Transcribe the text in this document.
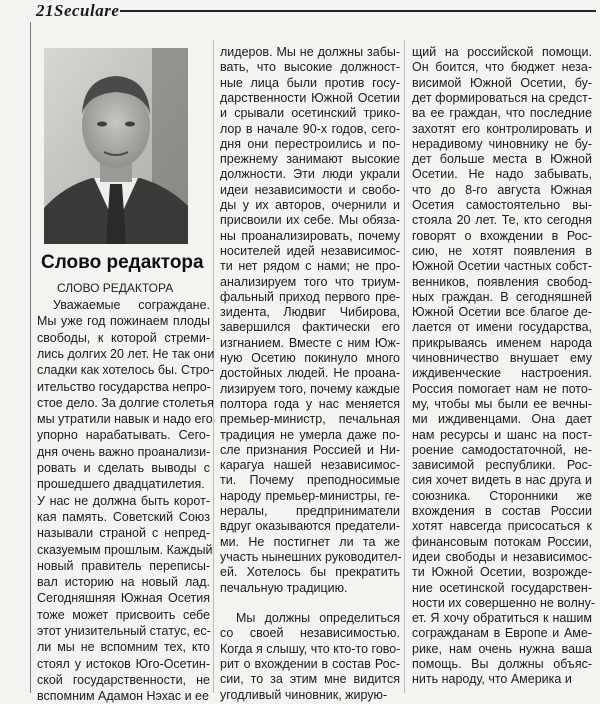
21Seculare
Слово редактора
СЛОВО РЕДАКТОРА
Уважаемые сограждане.
Мы уже год пожинаем плоды
свободы, к которой стреми-
лись долгих 20 лет. Не так они
сладки как хотелось бы. Стро-
ительство государства непро-
стое дело. За долгие столетья
мы утратили навык и надо его
упорно нарабатывать. Сего-
дня очень важно проанализи-
ровать и сделать выводы с
прошедшего двадцатилетия.
У нас не должна быть корот-
кая память. Советский Союз
называли страной с непред-
сказуемым прошлым. Каждый
новый правитель переписы-
вал историю на новый лад.
Сегодняшняя Южная Осетия
тоже может присвоить себе
этот унизительный статус, ес-
ли мы не вспомним тех, кто
стоял у истоков Юго-Осетин-
ской государственности, не
вспомним Адамон Нэхас и ее
лидеров. Мы не должны забы-
вать, что высокие должност-
ные лица были против госу-
дарственности Южной Осетии
и срывали осетинский трико-
лор в начале 90-х годов, сего-
дня они перестроились и по-
прежнему занимают высокие
должности. Эти люди украли
идеи независимости и свобо-
ды у их авторов, очернили и
присвоили их себе. Мы обяза-
ны проанализировать, почему
носителей идей независимос-
ти нет рядом с нами; не про-
анализируем того что триум-
фальный приход первого пре-
зидента, Людвиг Чибирова,
завершился фактически его
изгнанием. Вместе с ним Юж-
ную Осетию покинуло много
достойных людей. Не проана-
лизируем того, почему каждые
полтора года у нас меняется
премьер-министр, печальная
традиция не умерла даже по-
сле признания Россией и Ни-
карагуа нашей независимос-
ти. Почему преподносимые
народу премьер-министры, ге-
нералы, предприниматели
вдруг оказываются предатели-
ми. Не постигнет ли та же
участь нынешних руководител-
ей. Хотелось бы прекратить
печальную традицию.
Мы должны определиться
со своей независимостью.
Когда я слышу, что кто-то гово-
рит о вхождении в состав Рос-
сии, то за этим мне видится
угодливый чиновник, жирую-
щий на российской помощи.
Он боится, что бюджет неза-
висимой Южной Осетии, бу-
дет формироваться на средст-
ва ее граждан, что последние
захотят его контролировать и
нерадивому чиновнику не бу-
дет больше места в Южной
Осетии. Не надо забывать,
что до 8-го августа Южная
Осетия самостоятельно вы-
стояла 20 лет. Те, кто сегодня
говорят о вхождении в Рос-
сию, не хотят появления в
Южной Осетии частных собст-
венников, появления свобод-
ных граждан. В сегодняшней
Южной Осетии все благое де-
лается от имени государства,
прикрываясь именем народа
чиновничество внушает ему
иждивенческие настроения.
Россия помогает нам не пото-
му, чтобы мы были ее вечны-
ми иждивенцами. Она дает
нам ресурсы и шанс на пост-
роение самодостаточной, не-
зависимой республики. Рос-
сия хочет видеть в нас друга и
союзника. Сторонники же
вхождения в состав России
хотят навсегда присосаться к
финансовым потокам России,
идеи свободы и независимос-
ти Южной Осетии, возрожде-
ние осетинской государствен-
ности их совершенно не волну-
ет. Я хочу обратиться к нашим
согражданам в Европе и Аме-
рике, нам очень нужна ваша
помощь. Вы должны объяс-
нить народу, что Америка и
